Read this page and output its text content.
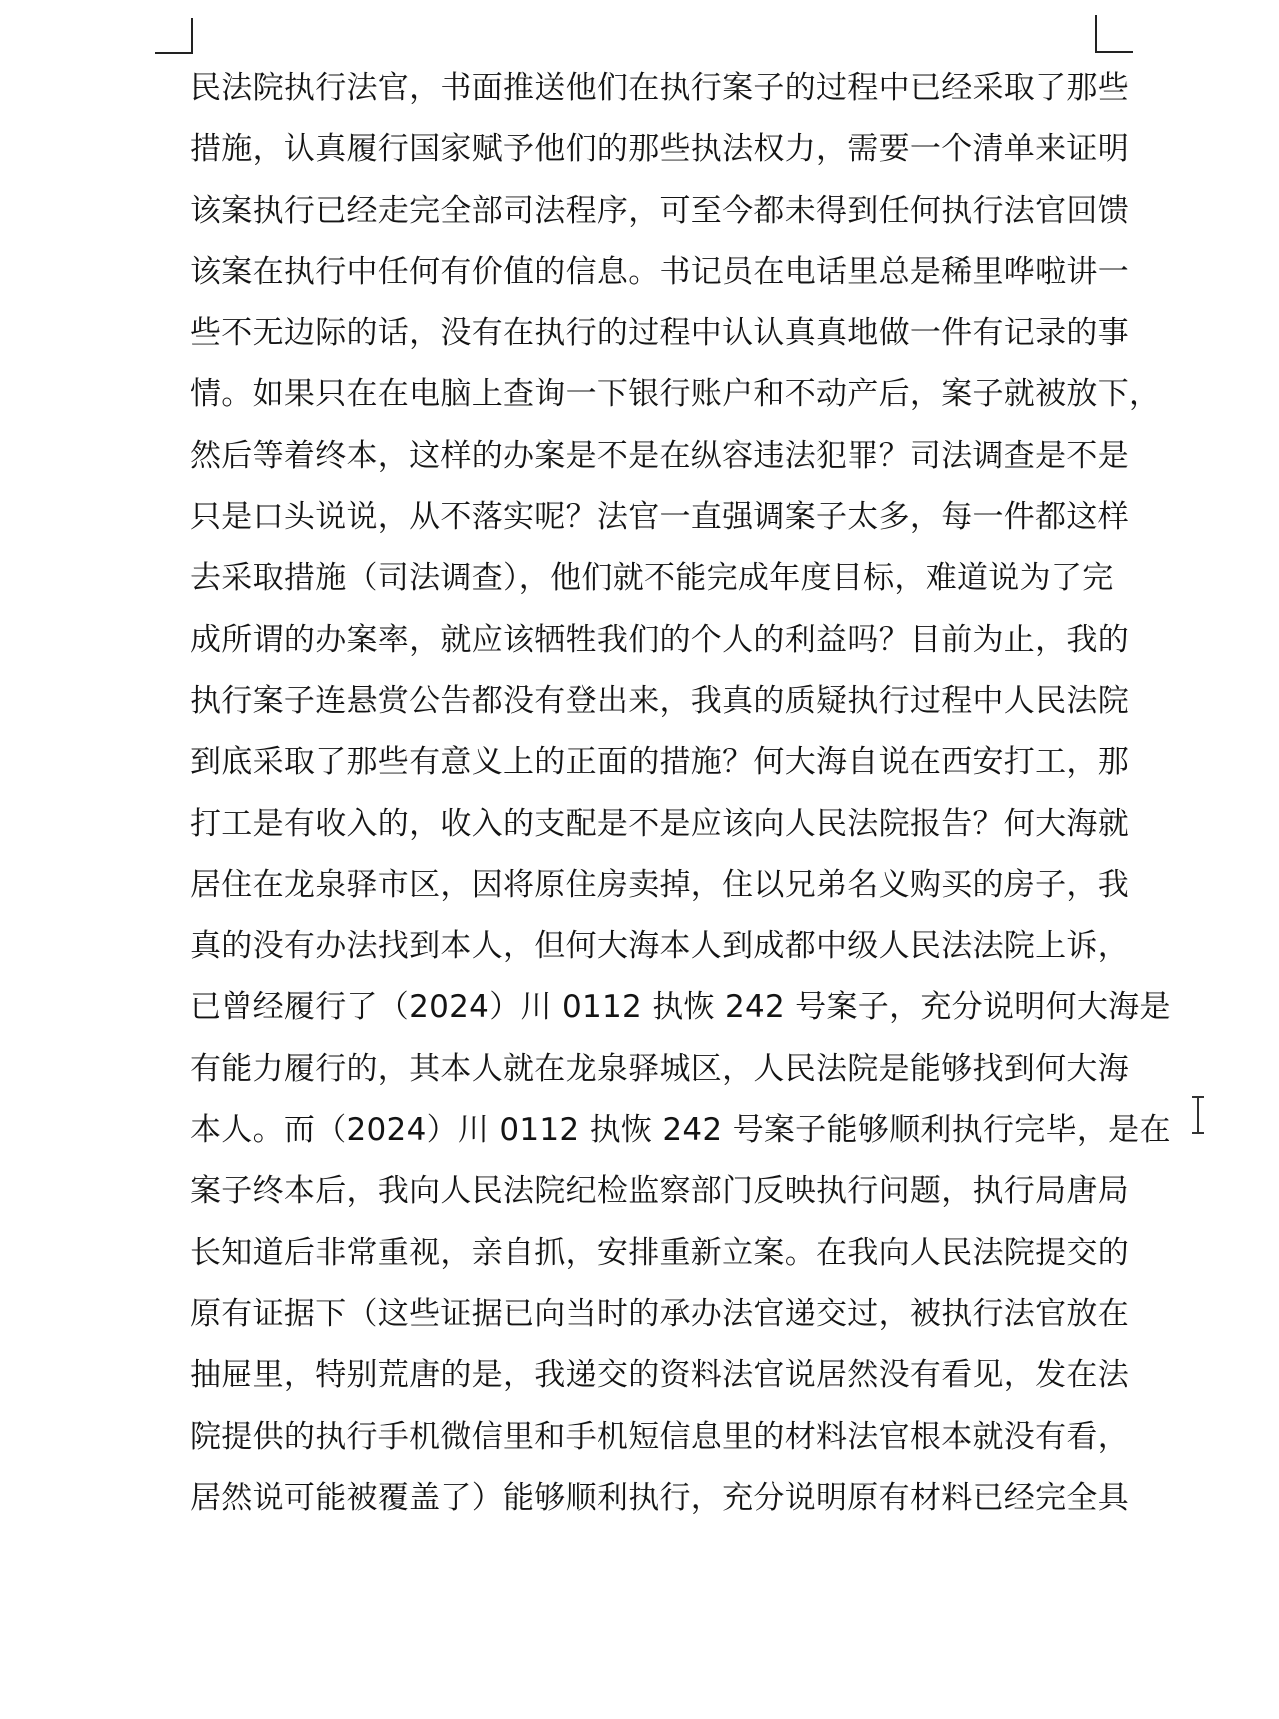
民法院执行法官，书面推送他们在执行案子的过程中已经采取了那些
措施，认真履行国家赋予他们的那些执法权力，需要一个清单来证明
该案执行已经走完全部司法程序，可至今都未得到任何执行法官回馈
该案在执行中任何有价值的信息。书记员在电话里总是稀里哗啦讲一
些不无边际的话，没有在执行的过程中认认真真地做一件有记录的事
情。如果只在在电脑上查询一下银行账户和不动产后，案子就被放下，
然后等着终本，这样的办案是不是在纵容违法犯罪？司法调查是不是
只是口头说说，从不落实呢？法官一直强调案子太多，每一件都这样
去采取措施（司法调查），他们就不能完成年度目标，难道说为了完
成所谓的办案率，就应该牺牲我们的个人的利益吗？目前为止，我的
执行案子连悬赏公告都没有登出来，我真的质疑执行过程中人民法院
到底采取了那些有意义上的正面的措施？何大海自说在西安打工，那
打工是有收入的，收入的支配是不是应该向人民法院报告？何大海就
居住在龙泉驿市区，因将原住房卖掉，住以兄弟名义购买的房子，我
真的没有办法找到本人，但何大海本人到成都中级人民法法院上诉，
已曾经履行了（2024）川 0112 执恢 242 号案子，充分说明何大海是
有能力履行的，其本人就在龙泉驿城区，人民法院是能够找到何大海
本人。而（2024）川 0112 执恢 242 号案子能够顺利执行完毕，是在
案子终本后，我向人民法院纪检监察部门反映执行问题，执行局唐局
长知道后非常重视，亲自抓，安排重新立案。在我向人民法院提交的
原有证据下（这些证据已向当时的承办法官递交过，被执行法官放在
抽屉里，特别荒唐的是，我递交的资料法官说居然没有看见，发在法
院提供的执行手机微信里和手机短信息里的材料法官根本就没有看，
居然说可能被覆盖了）能够顺利执行，充分说明原有材料已经完全具
